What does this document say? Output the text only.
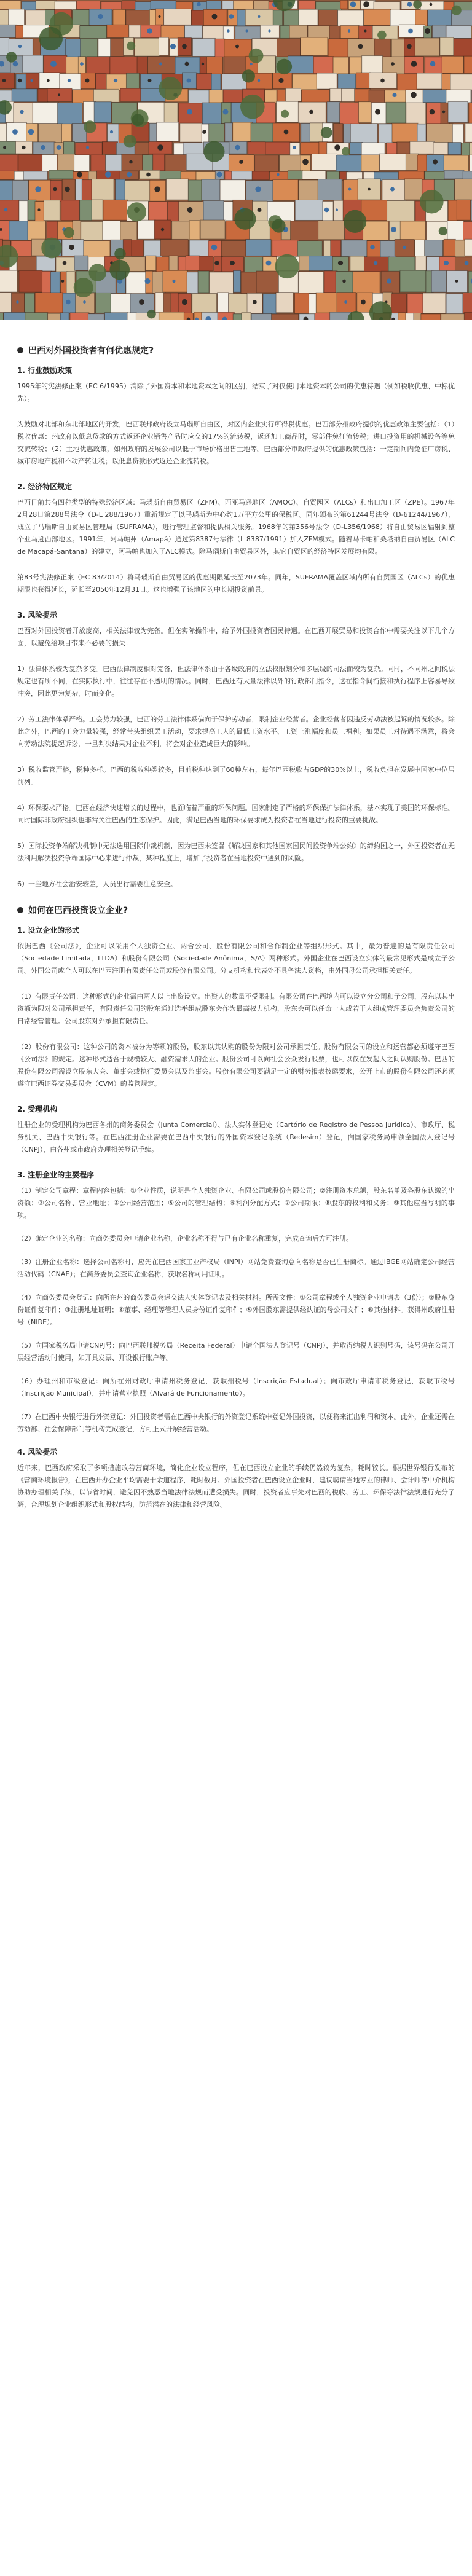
巴西对外国投资者有何优惠规定?
1. 行业鼓励政策

1995年的宪法修正案（EC 6/1995）消除了外国资本和本地资本之间的区别，结束了对仅使用本地资本的公司的优惠待遇（例如税收优惠、中标优先）。

为鼓励对北部和东北部地区的开发，巴西联邦政府设立马瑙斯自由区，对区内企业实行所得税优惠。巴西部分州政府提供的优惠政策主要包括：（1）税收优惠：州政府以低息贷款的方式返还企业销售产品时应交的17%的流转税，返还加工商品时，零部件免征流转税；进口投资用的机械设备等免交流转税；（2）土地优惠政策，如州政府的发展公司以低于市场价格出售土地等。巴西部分市政府提供的优惠政策包括：一定期间内免征厂房税、城市房地产税和不动产转让税；以低息贷款形式返还企业流转税。

2. 经济特区规定

巴西目前共有四种类型的特殊经济区域：马瑙斯自由贸易区（ZFM）、西亚马逊地区（AMOC）、自贸园区（ALCs）和出口加工区（ZPE）。1967年2月28日第288号法令（D-L 288/1967）重新规定了以马瑙斯为中心约1万平方公里的保税区。同年颁布的第61244号法令（D-61244/1967），成立了马瑙斯自由贸易区管理局（SUFRAMA），进行管理监督和提供相关服务。1968年的第356号法令（D-L356/1968）将自由贸易区辐射到整个亚马逊西部地区。1991年，阿马帕州（Amapá）通过第8387号法律（L 8387/1991）加入ZFM模式。随着马卡帕和桑塔纳自由贸易区（ALC de Macapá-Santana）的建立，阿马帕也加入了ALC模式。除马瑙斯自由贸易区外，其它自贸区的经济特区发展均有限。

第83号宪法修正案（EC 83/2014）将马瑙斯自由贸易区的优惠期限延长至2073年。同年，SUFRAMA覆盖区域内所有自贸园区（ALCs）的优惠期限也获得延长，延长至2050年12月31日。这也增强了该地区的中长期投资前景。

3. 风险提示

巴西对外国投资者开放度高，相关法律较为完备。但在实际操作中，给予外国投资者国民待遇。在巴西开展贸易和投资合作中需要关注以下几个方面，以避免给项目带来不必要的损失：

1）法律体系较为复杂多变。巴西法律制度相对完备，但法律体系由于各级政府的立法权限划分和多层级的司法而较为复杂。同时，不同州之间税法规定也有所不同，在实际执行中，往往存在不透明的情况。同时，巴西还有大量法律以外的行政部门指令，这在指令间衔接和执行程序上容易导致冲突，因此更为复杂，时而变化。

2）劳工法律体系严格。工会势力较强，巴西的劳工法律体系偏向于保护劳动者，限制企业经营者。企业经营者因违反劳动法被起诉的情况较多。除此之外，巴西的工会力量较强，经常带头组织罢工活动，要求提高工人的最低工资水平、工资上涨幅度和员工福利。如果员工对待遇不满意，将会向劳动法院提起诉讼，一旦判决结果对企业不利，将会对企业造成巨大的影响。

3）税收监管严格，税种多样。巴西的税收种类较多，目前税种达到了60种左右，每年巴西税收占GDP的30%以上，税收负担在发展中国家中位居前列。

4）环保要求严格。巴西在经济快速增长的过程中，也面临着严重的环保问题。国家制定了严格的环保保护法律体系，基本实现了美国的环保标准。同时国际非政府组织也非常关注巴西的生态保护。因此，满足巴西当地的环保要求成为投资者在当地进行投资的重要挑战。

5）国际投资争端解决机制中无法选用国际仲裁机制，因为巴西未签署《解决国家和其他国家国民间投资争端公约》的缔约国之一，外国投资者在无法利用解决投资争端国际中心来进行仲裁，某种程度上，增加了投资者在当地投资中遇到的风险。

6）一些地方社会治安较差，人员出行需要注意安全。

如何在巴西投资设立企业?
1. 设立企业的形式

依据巴西《公司法》，企业可以采用个人独资企业、两合公司、股份有限公司和合作制企业等组织形式。其中，最为普遍的是有限责任公司（Sociedade Limitada，LTDA）和股份有限公司（Sociedade Anônima，S/A）两种形式。外国企业在巴西设立实体的最常见形式是成立子公司。外国公司或个人可以在巴西注册有限责任公司或股份有限公司。分支机构和代表处不具备法人资格，由外国母公司承担相关责任。

（1）有限责任公司：这种形式的企业需由两人以上出资设立。出资人的数量不受限制。有限公司在巴西境内可以设立分公司和子公司，股东以其出资额为限对公司承担责任，有限责任公司的股东通过选举组成股东会作为最高权力机构，股东会可以任命一人或若干人组成管理委员会负责公司的日常经营管理。公司股东对外承担有限责任。

（2）股份有限公司：这种公司的资本被分为等额的股份，股东以其认购的股份为限对公司承担责任。股份有限公司的设立和运营都必须遵守巴西《公司法》的规定。这种形式适合于规模较大、融资需求大的企业。股份公司可以向社会公众发行股票，也可以仅在发起人之间认购股份。巴西的股份有限公司需设立股东大会、董事会或执行委员会以及监事会。股份有限公司要满足一定的财务报表披露要求，公开上市的股份有限公司还必须遵守巴西证券交易委员会（CVM）的监管规定。

2. 受理机构

注册企业的受理机构为巴西各州的商务委员会（Junta Comercial）、法人实体登记处（Cartório de Registro de Pessoa Jurídica）、市政厅、税务机关、巴西中央银行等。在巴西注册企业需要在巴西中央银行的外国资本登记系统（Redesim）登记，向国家税务局申领全国法人登记号（CNPJ），由各州或市政府办理相关登记手续。

3. 注册企业的主要程序

（1）制定公司章程：章程内容包括：①企业性质，说明是个人独资企业、有限公司或股份有限公司；②注册资本总额，股东名单及各股东认缴的出资额；③公司名称、营业地址；④公司经营范围；⑤公司的管理结构；⑥利润分配方式；⑦公司期限；⑧股东的权利和义务；⑨其他应当写明的事项。

（2）确定企业的名称：向商务委员会申请企业名称，企业名称不得与已有企业名称重复，完成查询后方可注册。

（3）注册企业名称：选择公司名称时，应先在巴西国家工业产权局（INPI）网站免费查询意向名称是否已注册商标。通过IBGE网站确定公司经营活动代码（CNAE）；在商务委员会查询企业名称，获取名称可用证明。

（4）向商务委员会登记：向所在州的商务委员会递交法人实体登记表及相关材料。所需文件：①公司章程或个人独资企业申请表（3份）；②股东身份证件复印件；③注册地址证明；④董事、经理等管理人员身份证件复印件；⑤外国股东需提供经认证的母公司文件；⑥其他材料。获得州政府注册号（NIRE）。

（5）向国家税务局申请CNPJ号：向巴西联邦税务局（Receita Federal）申请全国法人登记号（CNPJ），并取得纳税人识别号码，该号码在公司开展经营活动时使用，如开具发票、开设银行账户等。

（6）办理州和市级登记：向所在州财政厅申请州税务登记，获取州税号（Inscrição Estadual）；向市政厅申请市税务登记，获取市税号（Inscrição Municipal），并申请营业执照（Alvará de Funcionamento）。

（7）在巴西中央银行进行外资登记：外国投资者需在巴西中央银行的外资登记系统中登记外国投资，以便将来汇出利润和资本。此外，企业还需在劳动部、社会保障部门等机构完成登记，方可正式开展经营活动。

4. 风险提示

近年来，巴西政府采取了多项措施改善营商环境，简化企业设立程序，但在巴西设立企业的手续仍然较为复杂，耗时较长。根据世界银行发布的《营商环境报告》，在巴西开办企业平均需要十余道程序，耗时数月。外国投资者在巴西设立企业时，建议聘请当地专业的律师、会计师等中介机构协助办理相关手续，以节省时间，避免因不熟悉当地法律法规而遭受损失。同时，投资者应事先对巴西的税收、劳工、环保等法律法规进行充分了解，合理规划企业组织形式和股权结构，防范潜在的法律和经营风险。
